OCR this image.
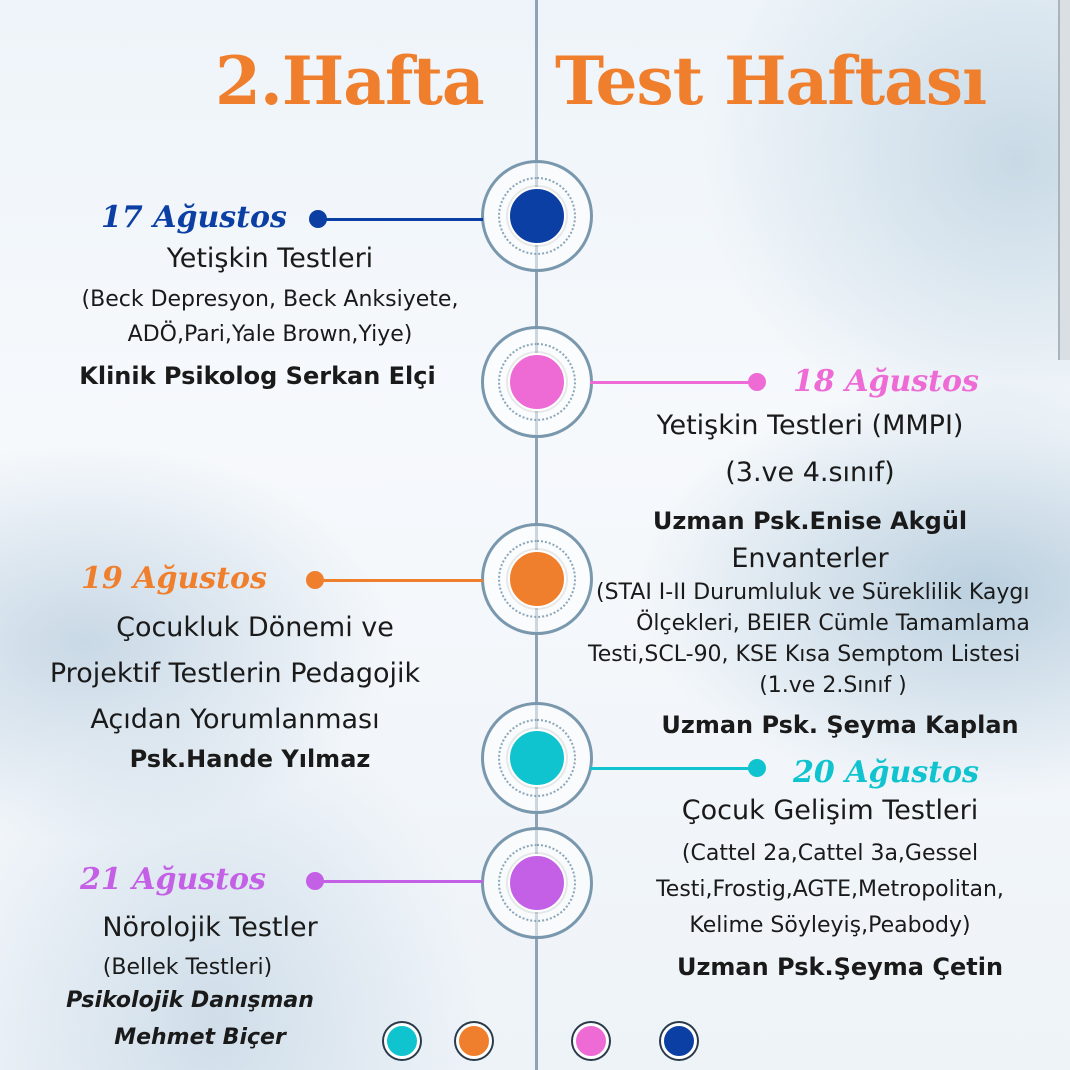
2.Hafta Test Haftası
17 Ağustos
Yetişkin Testleri
(Beck Depresyon, Beck Anksiyete,
ADÖ,Pari,Yale Brown,Yiye)
Klinik Psikolog Serkan Elçi	18 Ağustos
Yetişkin Testleri (MMPI)
(3.ve 4.sınıf)
Uzman Psk.Enise Akgül
Envanterler
(STAI I-II Durumluluk ve Süreklilik Kaygı
Ölçekleri, BEIER Cümle Tamamlama
Testi,SCL-90, KSE Kısa Semptom Listesi
(1.ve 2.Sınıf )
Uzman Psk. Şeyma Kaplan
19 Ağustos
Çocukluk Dönemi ve
Projektif Testlerin Pedagojik
Açıdan Yorumlanması
Psk.Hande Yılmaz	20 Ağustos
Çocuk Gelişim Testleri
(Cattel 2a,Cattel 3a,Gessel
Testi,Frostig,AGTE,Metropolitan,
Kelime Söyleyiş,Peabody)
Uzman Psk.Şeyma Çetin
21 Ağustos
Nörolojik Testler
(Bellek Testleri)
Psikolojik Danışman
Mehmet Biçer
